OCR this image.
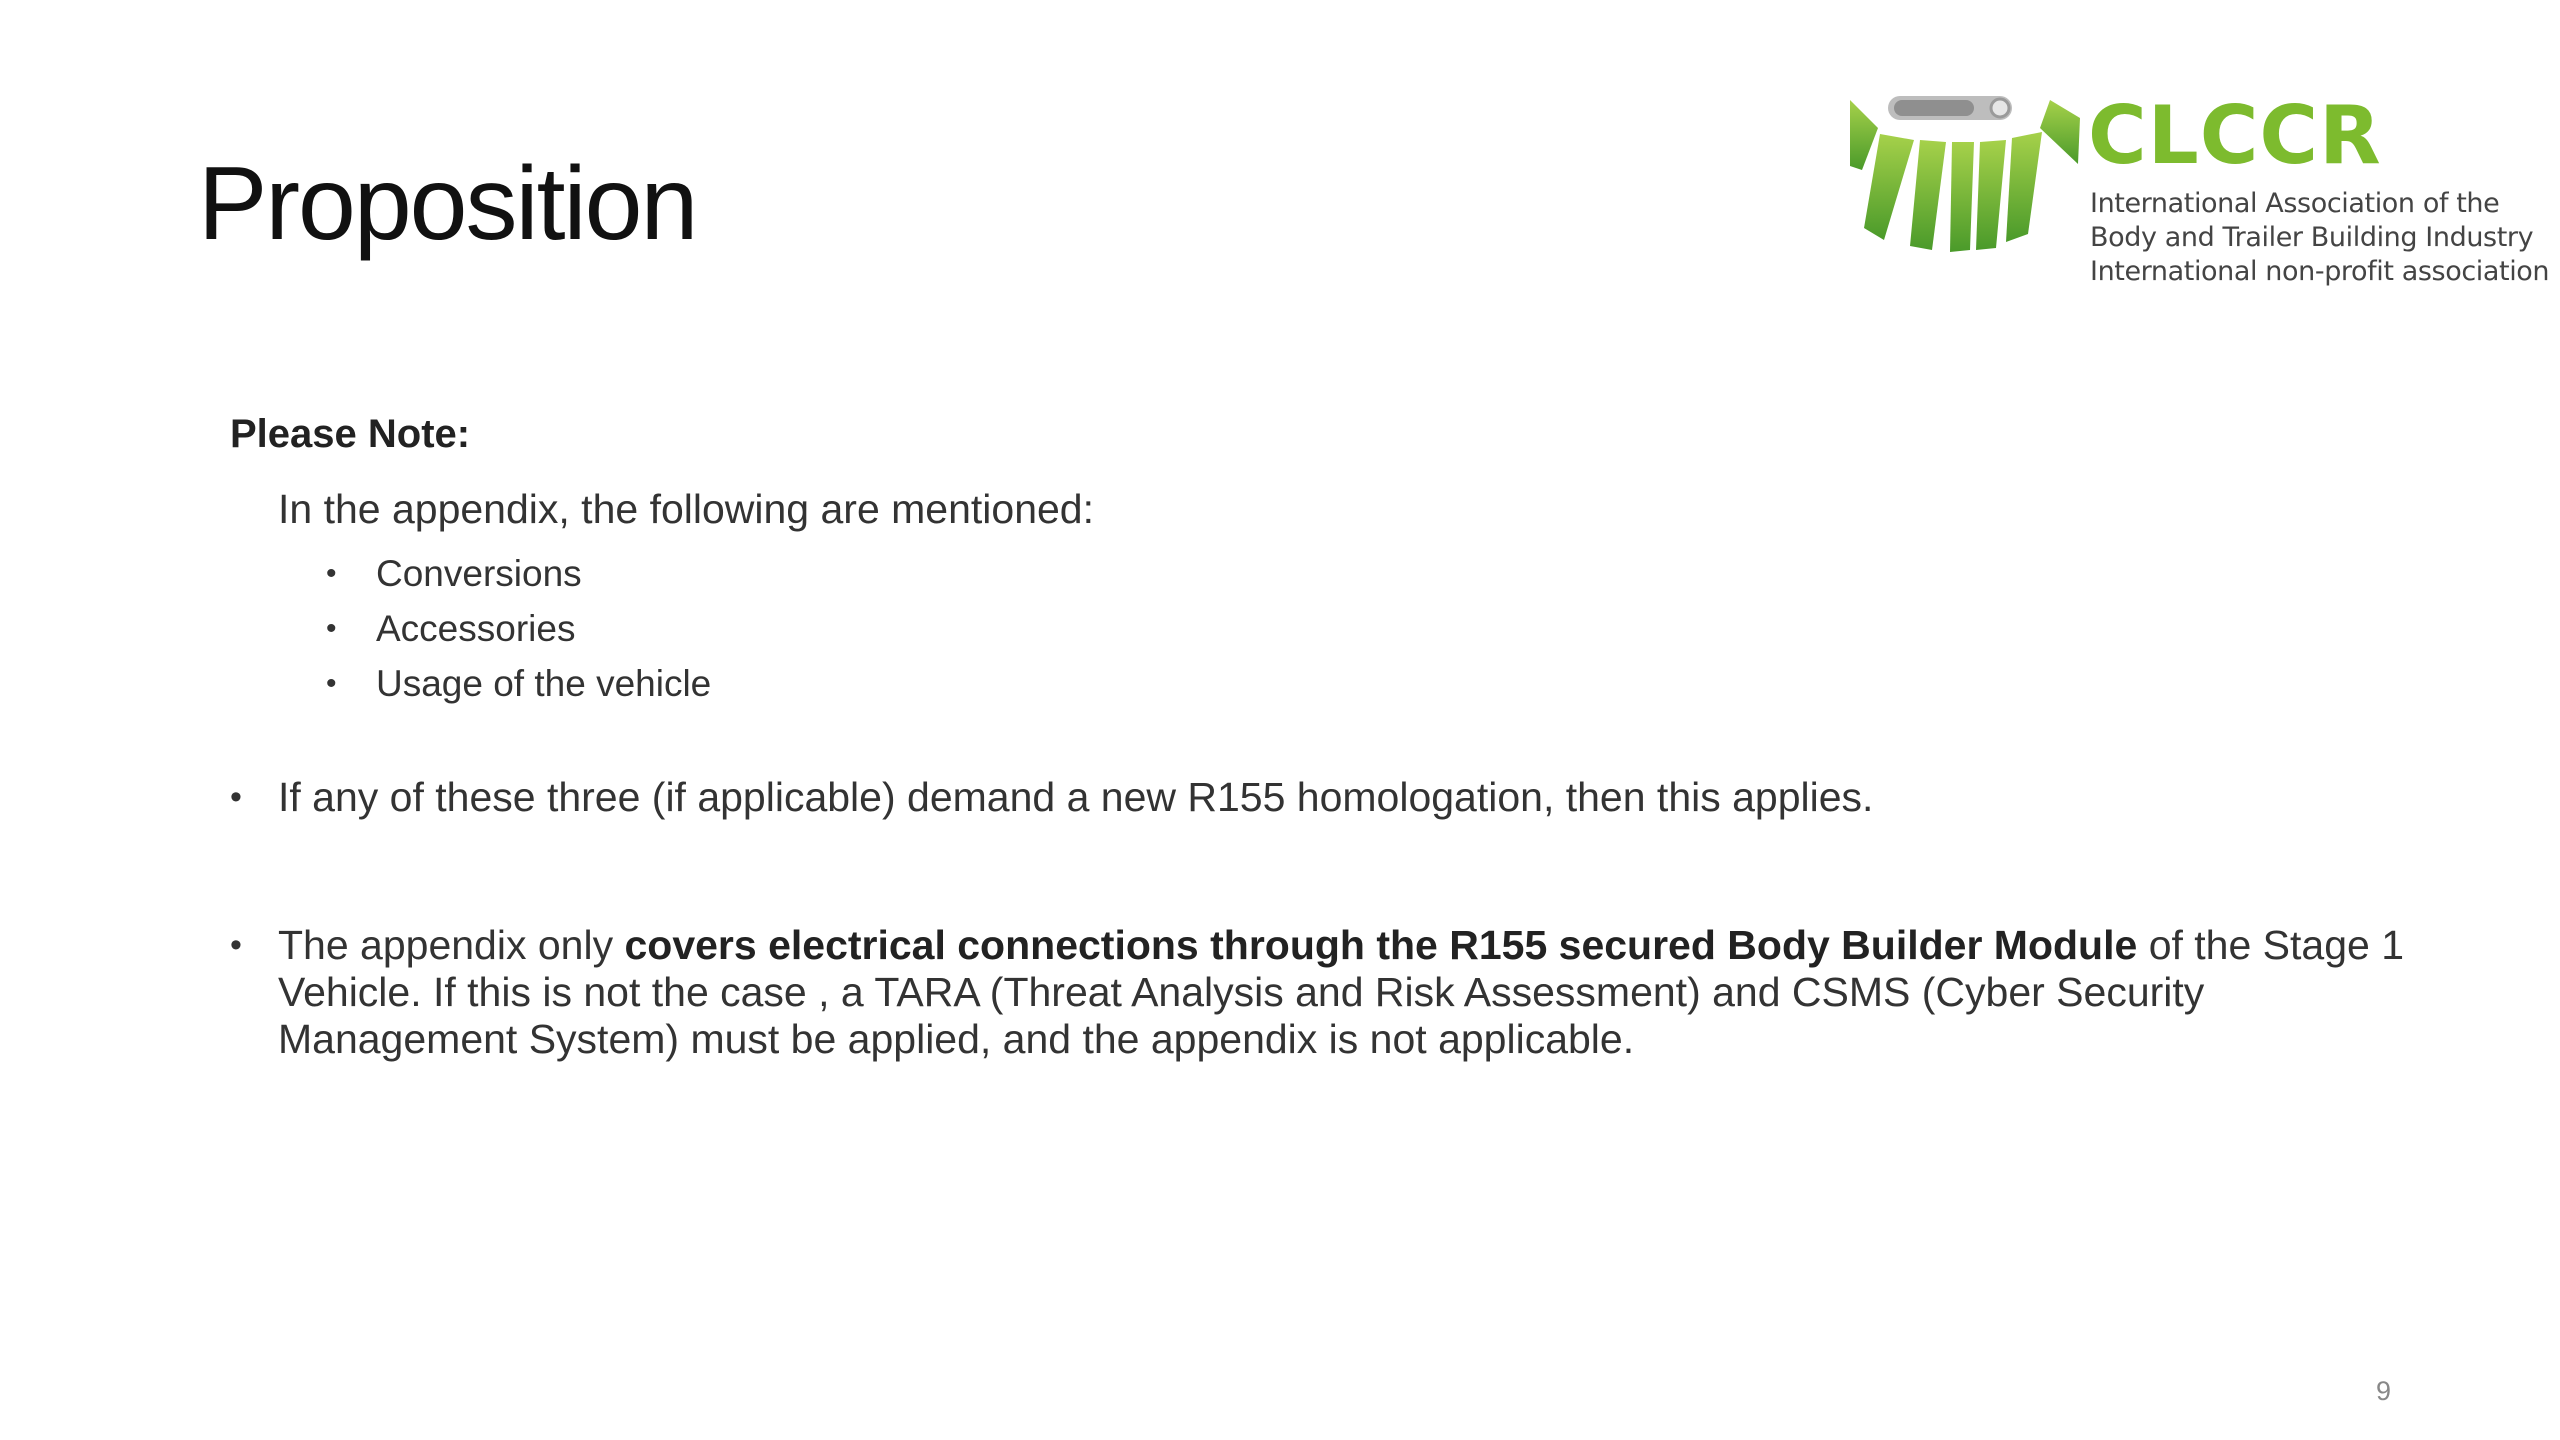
Proposition
CLCCR
International Association of the
Body and Trailer Building Industry
International non-profit association
Please Note:
In the appendix, the following are mentioned:
• Conversions
• Accessories
• Usage of the vehicle
• If any of these three (if applicable) demand a new R155 homologation, then this applies.
• The appendix only covers electrical connections through the R155 secured Body Builder Module of the Stage 1 Vehicle. If this is not the case , a TARA (Threat Analysis and Risk Assessment) and CSMS (Cyber Security Management System) must be applied, and the appendix is not applicable.
9
